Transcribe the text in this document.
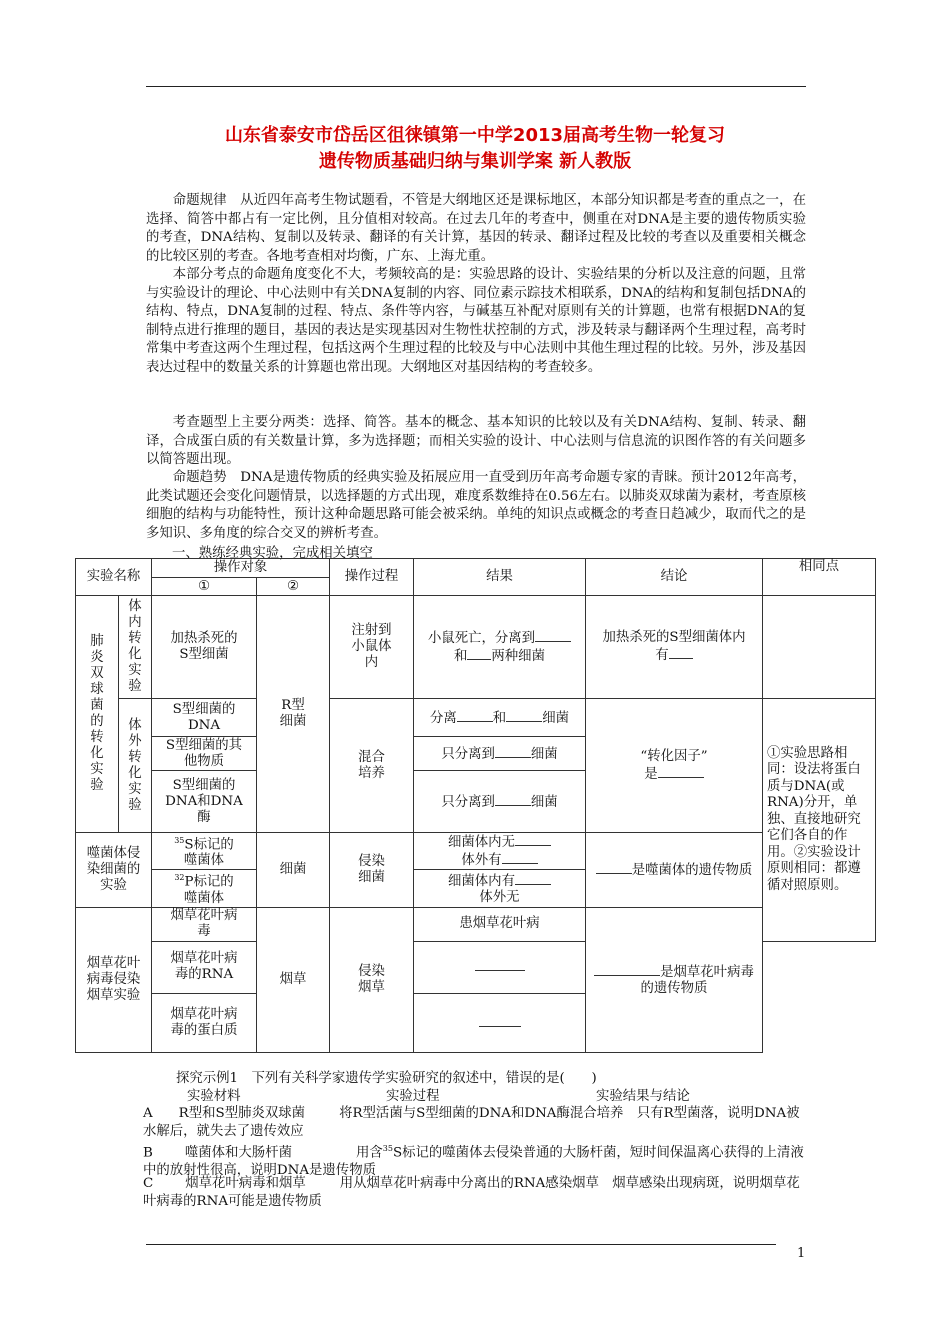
山东省泰安市岱岳区徂徕镇第一中学2013届高考生物一轮复习
遗传物质基础归纳与集训学案 新人教版

命题规律　从近四年高考生物试题看，不管是大纲地区还是课标地区，本部分知识都是考查的重点之一，在选择、简答中都占有一定比例，且分值相对较高。在过去几年的考查中，侧重在对DNA是主要的遗传物质实验的考查，DNA结构、复制以及转录、翻译的有关计算，基因的转录、翻译过程及比较的考查以及重要相关概念的比较区别的考查。各地考查相对均衡，广东、上海尤重。

本部分考点的命题角度变化不大，考频较高的是：实验思路的设计、实验结果的分析以及注意的问题，且常与实验设计的理论、中心法则中有关DNA复制的内容、同位素示踪技术相联系，DNA的结构和复制包括DNA的结构、特点，DNA复制的过程、特点、条件等内容，与碱基互补配对原则有关的计算题，也常有根据DNA的复制特点进行推理的题目，基因的表达是实现基因对生物性状控制的方式，涉及转录与翻译两个生理过程，高考时常集中考查这两个生理过程，包括这两个生理过程的比较及与中心法则中其他生理过程的比较。另外，涉及基因表达过程中的数量关系的计算题也常出现。大纲地区对基因结构的考查较多。

考查题型上主要分两类：选择、简答。基本的概念、基本知识的比较以及有关DNA结构、复制、转录、翻译，合成蛋白质的有关数量计算，多为选择题；而相关实验的设计、中心法则与信息流的识图作答的有关问题多以简答题出现。

命题趋势　DNA是遗传物质的经典实验及拓展应用一直受到历年高考命题专家的青睐。预计2012年高考，此类试题还会变化问题情景，以选择题的方式出现，难度系数维持在0.56左右。以肺炎双球菌为素材，考查原核细胞的结构与功能特性，预计这种命题思路可能会被采纳。单纯的知识点或概念的考查日趋减少，取而代之的是多知识、多角度的综合交叉的辨析考查。

一、熟练经典实验，完成相关填空
实验名称		操作对象		操作过程	结果	结论	相同点
		①	②				
肺炎双球菌的转化实验	体内转化实验	加热杀死的S型细菌	R型细菌	注射到小鼠体内	小鼠死亡，分离到
和 两种细菌	加热杀死的S型细菌体内有	
	体外转化实验	S型细菌的DNA		混合培养	分离 和 细菌	“转化因子”
是	①实验思路相同：设法将蛋白质与DNA(或RNA)分开，单独、直接地研究它们各自的作用。②实验设计原则相同：都遵循对照原则。
		S型细菌的其他物质			只分离到 细菌		
		S型细菌的DNA和DNA酶			只分离到 细菌		
噬菌体侵染细菌的实验		$^{35}$S标记的噬菌体	细菌	侵染细菌	细菌体内无
体外有	是噬菌体的遗传物质	
		$^{32}$P标记的噬菌体			细菌体内有
体外无		
烟草花叶病毒侵染烟草实验		烟草花叶病毒	烟草	侵染烟草	患烟草花叶病	是烟草花叶病毒的遗传物质	
		烟草花叶病毒的RNA					
		烟草花叶病毒的蛋白质					
探究示例1　下列有关科学家遗传学实验研究的叙述中，错误的是(　　)
实验材料	实验过程	实验结果与结论
A R型和S型肺炎双球菌	将R型活菌与S型细菌的DNA和DNA酶混合培养　只有R型菌落，说明DNA被水解后，就失去了遗传效应
B 噬菌体和大肠杆菌	用含$^{35}$S标记的噬菌体去侵染普通的大肠杆菌，短时间保温离心获得的上清液中的放射性很高，说明DNA是遗传物质
C 烟草花叶病毒和烟草	用从烟草花叶病毒中分离出的RNA感染烟草　烟草感染出现病斑，说明烟草花叶病毒的RNA可能是遗传物质
1
